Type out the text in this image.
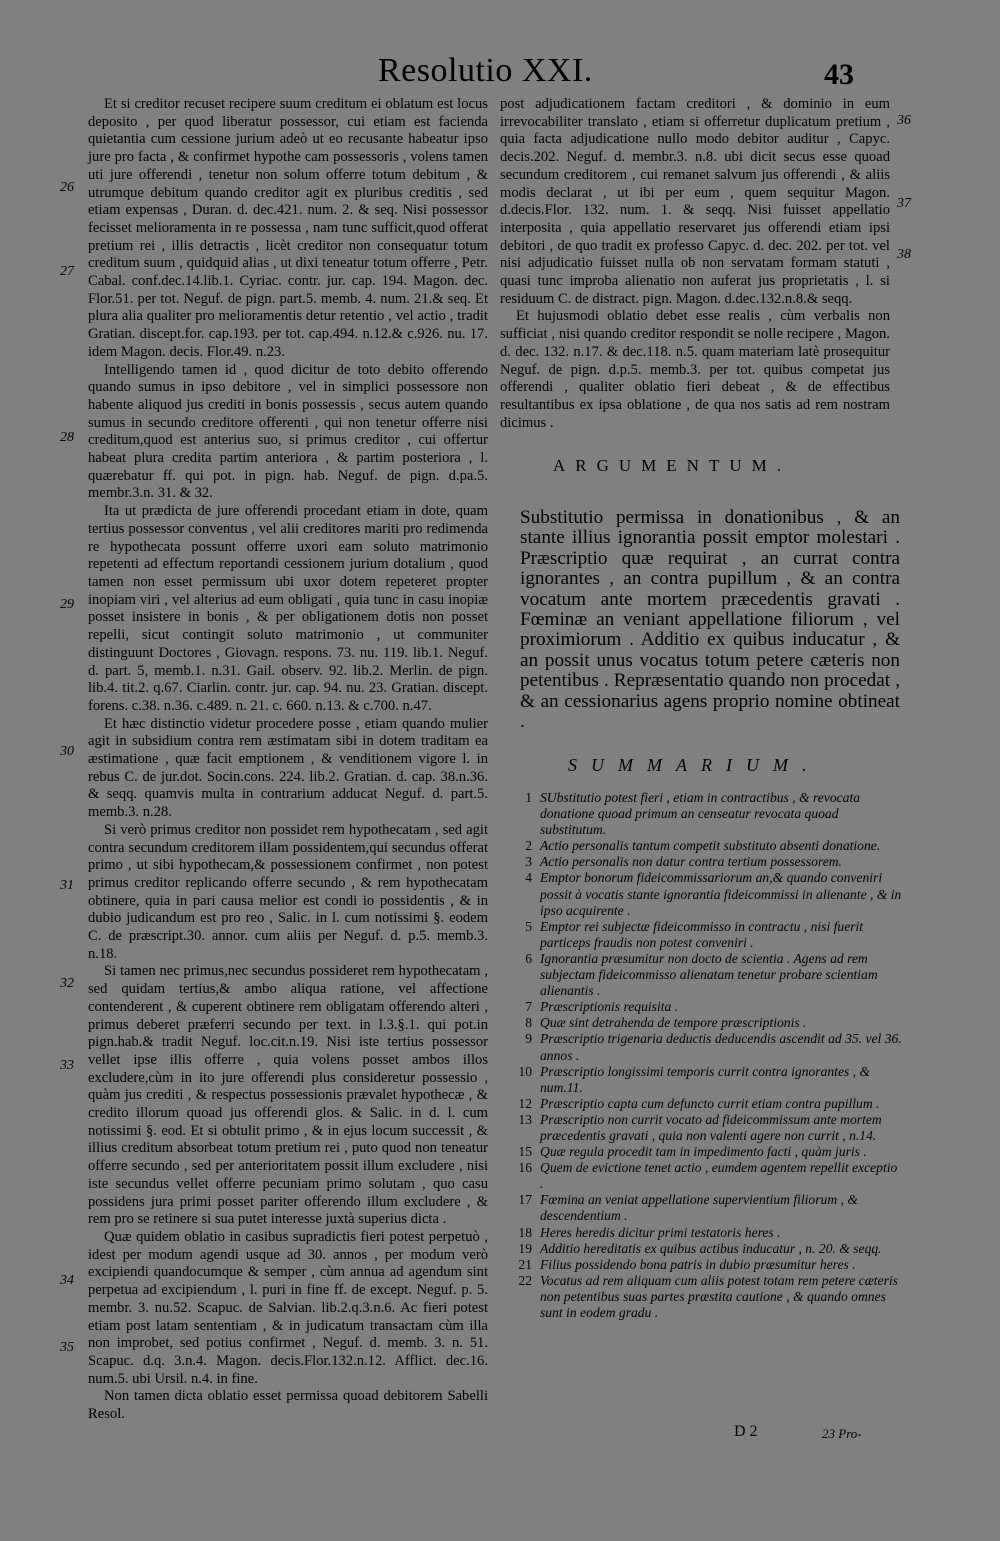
Resolutio XXI.	43

Et si creditor recuset recipere suum creditum ei oblatum est locus deposito , per quod liberatur possessor, cui etiam est facienda quietantia cum cessione jurium adeò ut eo recusante habeatur ipso jure pro facta , & confirmet hypothe cam possessoris , volens tamen uti jure offerendi , tenetur non solum offerre totum debitum , & utrumque debitum quando creditor agit ex pluribus creditis , sed etiam expensas , Duran. d. dec.421. num. 2. & seq. Nisi possessor fecisset melioramenta in re possessa , nam tunc sufficit,quod offerat pretium rei , illis detractis , licèt creditor non consequatur totum creditum suum , quidquid alias , ut dixi teneatur totum offerre , Petr. Cabal. conf.dec.14.lib.1. Cyriac. contr. jur. cap. 194. Magon. dec. Flor.51. per tot. Neguf. de pign. part.5. memb. 4. num. 21.& seq. Et plura alia qualiter pro melioramentis detur retentio , vel actio , tradit Gratian. discept.for. cap.193. per tot. cap.494. n.12.& c.926. nu. 17. idem Magon. decis. Flor.49. n.23.

Intelligendo tamen id , quod dicitur de toto debito offerendo quando sumus in ipso debitore , vel in simplici possessore non habente aliquod jus crediti in bonis possessis , secus autem quando sumus in secundo creditore offerenti , qui non tenetur offerre nisi creditum,quod est anterius suo, si primus creditor , cui offertur habeat plura credita partim anteriora , & partim posteriora , l. quærebatur ff. qui pot. in pign. hab. Neguf. de pign. d.pa.5. membr.3.n. 31. & 32.

Ita ut prædicta de jure offerendi procedant etiam in dote, quam tertius possessor conventus , vel alii creditores mariti pro redimenda re hypothecata possunt offerre uxori eam soluto matrimonio repetenti ad effectum reportandi cessionem jurium dotalium , quod tamen non esset permissum ubi uxor dotem repeteret propter inopiam viri , vel alterius ad eum obligati , quia tunc in casu inopiæ posset insistere in bonis , & per obligationem dotis non posset repelli, sicut contingit soluto matrimonio , ut communiter distinguunt Doctores , Giovagn. respons. 73. nu. 119. lib.1. Neguf. d. part. 5, memb.1. n.31. Gail. observ. 92. lib.2. Merlin. de pign. lib.4. tit.2. q.67. Ciarlin. contr. jur. cap. 94. nu. 23. Gratian. discept. forens. c.38. n.36. c.489. n. 21. c. 660. n.13. & c.700. n.47.

Et hæc distinctio videtur procedere posse , etiam quando mulier agit in subsidium contra rem æstimatam sibi in dotem traditam ea æstimatione , quæ facit emptionem , & venditionem vigore l. in rebus C. de jur.dot. Socin.cons. 224. lib.2. Gratian. d. cap. 38.n.36. & seqq. quamvis multa in contrarium adducat Neguf. d. part.5. memb.3. n.28.

Si verò primus creditor non possidet rem hypothecatam , sed agit contra secundum creditorem illam possidentem,qui secundus offerat primo , ut sibi hypothecam,& possessionem confirmet , non potest primus creditor replicando offerre secundo , & rem hypothecatam obtinere, quia in pari causa melior est condi io possidentis , & in dubio judicandum est pro reo , Salic. in l. cum notissimi §. eodem C. de præscript.30. annor. cum aliis per Neguf. d. p.5. memb.3. n.18.

Si tamen nec primus,nec secundus possideret rem hypothecatam , sed quidam tertius,& ambo aliqua ratione, vel affectione contenderent , & cuperent obtinere rem obligatam offerendo alteri , primus deberet præferri secundo per text. in l.3.§.1. qui pot.in pign.hab.& tradit Neguf. loc.cit.n.19. Nisi iste tertius possessor vellet ipse illis offerre , quia volens posset ambos illos excludere,cùm in ito jure offerendi plus consideretur possessio , quàm jus crediti , & respectus possessionis prævalet hypothecæ , & credito illorum quoad jus offerendi glos. & Salic. in d. l. cum notissimi §. eod. Et si obtulit primo , & in ejus locum successit , & illius creditum absorbeat totum pretium rei , puto quod non teneatur offerre secundo , sed per anterioritatem possit illum excludere , nisi iste secundus vellet offerre pecuniam primo solutam , quo casu possidens jura primi posset pariter offerendo illum excludere , & rem pro se retinere si sua putet interesse juxtà superius dicta .

Quæ quidem oblatio in casibus supradictis fieri potest perpetuò , idest per modum agendi usque ad 30. annos , per modum verò excipiendi quandocumque & semper , cùm annua ad agendum sint perpetua ad excipiendum , l. puri in fine ff. de except. Neguf. p. 5. membr. 3. nu.52. Scapuc. de Salvian. lib.2.q.3.n.6. Ac fieri potest etiam post latam sententiam , & in judicatum transactam cùm illa non improbet, sed potius confirmet , Neguf. d. memb. 3. n. 51. Scapuc. d.q. 3.n.4. Magon. decis.Flor.132.n.12. Afflict. dec.16. num.5. ubi Ursil. n.4. in fine.

Non tamen dicta oblatio esset permissa quoad debitorem Sabelli Resol.

26
27
28
29
30
31
32
33
34
35

post adjudicationem factam creditori , & dominio in eum irrevocabiliter translato , etiam si offerretur duplicatum pretium , quia facta adjudicatione nullo modo debitor auditur , Capyc. decis.202. Neguf. d. membr.3. n.8. ubi dicit secus esse quoad secundum creditorem , cui remanet salvum jus offerendi , & aliis modis declarat , ut ibi per eum , quem sequitur Magon. d.decis.Flor. 132. num. 1. & seqq. Nisi fuisset appellatio interposita , quia appellatio reservaret jus offerendi etiam ipsi debitori , de quo tradit ex professo Capyc. d. dec. 202. per tot. vel nisi adjudicatio fuisset nulla ob non servatam formam statuti , quasi tunc improba alienatio non auferat jus proprietatis , l. si residuum C. de distract. pign. Magon. d.dec.132.n.8.& seqq.

Et hujusmodi oblatio debet esse realis , cùm verbalis non sufficiat , nisi quando creditor respondit se nolle recipere , Magon. d. dec. 132. n.17. & dec.118. n.5. quam materiam latè prosequitur Neguf. de pign. d.p.5. memb.3. per tot. quibus competat jus offerendi , qualiter oblatio fieri debeat , & de effectibus resultantibus ex ipsa oblatione , de qua nos satis ad rem nostram dicimus .

36
37
38
ARGUMENTUM.
Substitutio permissa in donationibus , & an stante illius ignorantia possit emptor molestari . Præscriptio quæ requirat , an currat contra ignorantes , an contra pupillum , & an contra vocatum ante mortem præcedentis gravati . Fœminæ an veniant appellatione filiorum , vel proximiorum . Additio ex quibus inducatur , & an possit unus vocatus totum petere cæteris non petentibus . Repræsentatio quando non procedat , & an cessionarius agens proprio nomine obtineat .
SUMMARIUM.
1 SUbstitutio potest fieri , etiam in contractibus , & revocata donatione quoad primum an censeatur revocata quoad substitutum.
2 Actio personalis tantum competit substituto absenti donatione.
3 Actio personalis non datur contra tertium possessorem.
4 Emptor bonorum fideicommissariorum an,& quando conveniri possit à vocatis stante ignorantia fideicommissi in alienante , & in ipso acquirente .
5 Emptor rei subjectæ fideicommisso in contractu , nisi fuerit particeps fraudis non potest conveniri .
6 Ignorantia præsumitur non docto de scientia . Agens ad rem subjectam fideicommisso alienatam tenetur probare scientiam alienantis .
7 Præscriptionis requisita .
8 Quæ sint detrahenda de tempore præscriptionis .
9 Præscriptio trigenaria deductis deducendis ascendit ad 35. vel 36. annos .
10 Præscriptio longissimi temporis currit contra ignorantes , & num.11.
12 Præscriptio capta cum defuncto currit etiam contra pupillum .
13 Præscriptio non currit vocato ad fideicommissum ante mortem præcedentis gravati , quia non valenti agere non currit , n.14.
15 Quæ regula procedit tam in impedimento facti , quàm juris .
16 Quem de evictione tenet actio , eumdem agentem repellit exceptio .
17 Fœmina an veniat appellatione supervientium filiorum , & descendentium .
18 Heres heredis dicitur primi testatoris heres .
19 Additio hereditatis ex quibus actibus inducatur , n. 20. & seqq.
21 Filius possidendo bona patris in dubio præsumitur heres .
22 Vocatus ad rem aliquam cum aliis potest totam rem petere cæteris non petentibus suas partes præstita cautione , & quando omnes sunt in eodem gradu .
D 2	23 Pro-
